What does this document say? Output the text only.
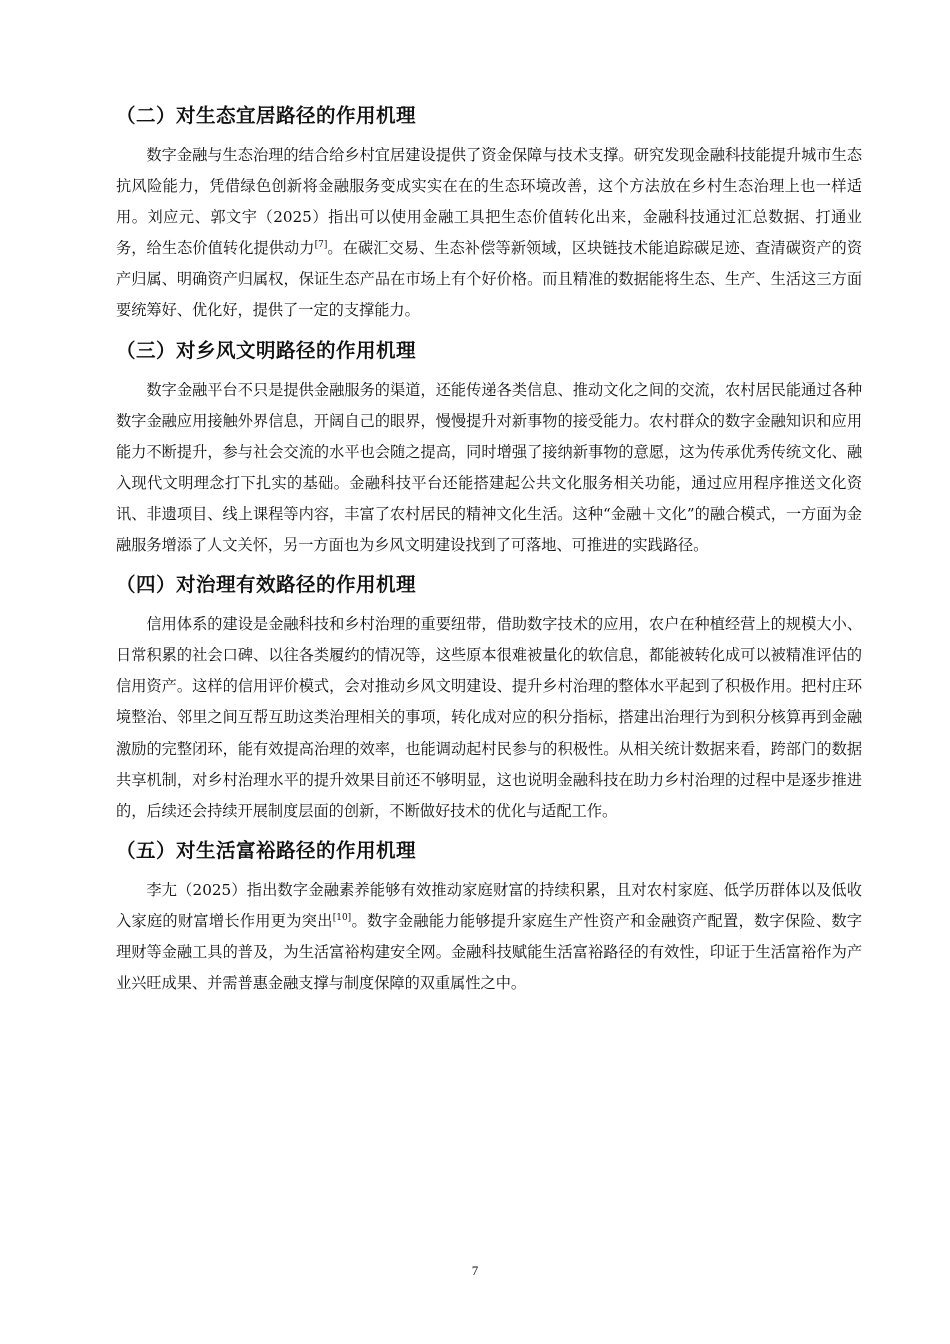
（二）对生态宜居路径的作用机理

数字金融与生态治理的结合给乡村宜居建设提供了资金保障与技术支撑。研究发现金融科技能提升城市生态抗风险能力，凭借绿色创新将金融服务变成实实在在的生态环境改善，这个方法放在乡村生态治理上也一样适用。刘应元、郭文宇（2025）指出可以使用金融工具把生态价值转化出来，金融科技通过汇总数据、打通业务，给生态价值转化提供动力[7]。在碳汇交易、生态补偿等新领域，区块链技术能追踪碳足迹、查清碳资产的资产归属、明确资产归属权，保证生态产品在市场上有个好价格。而且精准的数据能将生态、生产、生活这三方面要统筹好、优化好，提供了一定的支撑能力。

（三）对乡风文明路径的作用机理

数字金融平台不只是提供金融服务的渠道，还能传递各类信息、推动文化之间的交流，农村居民能通过各种数字金融应用接触外界信息，开阔自己的眼界，慢慢提升对新事物的接受能力。农村群众的数字金融知识和应用能力不断提升，参与社会交流的水平也会随之提高，同时增强了接纳新事物的意愿，这为传承优秀传统文化、融入现代文明理念打下扎实的基础。金融科技平台还能搭建起公共文化服务相关功能，通过应用程序推送文化资讯、非遗项目、线上课程等内容，丰富了农村居民的精神文化生活。这种“金融＋文化”的融合模式，一方面为金融服务增添了人文关怀，另一方面也为乡风文明建设找到了可落地、可推进的实践路径。

（四）对治理有效路径的作用机理

信用体系的建设是金融科技和乡村治理的重要纽带，借助数字技术的应用，农户在种植经营上的规模大小、日常积累的社会口碑、以往各类履约的情况等，这些原本很难被量化的软信息，都能被转化成可以被精准评估的信用资产。这样的信用评价模式，会对推动乡风文明建设、提升乡村治理的整体水平起到了积极作用。把村庄环境整治、邻里之间互帮互助这类治理相关的事项，转化成对应的积分指标，搭建出治理行为到积分核算再到金融激励的完整闭环，能有效提高治理的效率，也能调动起村民参与的积极性。从相关统计数据来看，跨部门的数据共享机制，对乡村治理水平的提升效果目前还不够明显，这也说明金融科技在助力乡村治理的过程中是逐步推进的，后续还会持续开展制度层面的创新，不断做好技术的优化与适配工作。

（五）对生活富裕路径的作用机理

李尢（2025）指出数字金融素养能够有效推动家庭财富的持续积累，且对农村家庭、低学历群体以及低收入家庭的财富增长作用更为突出[10]。数字金融能力能够提升家庭生产性资产和金融资产配置，数字保险、数字理财等金融工具的普及，为生活富裕构建安全网。金融科技赋能生活富裕路径的有效性，印证于生活富裕作为产业兴旺成果、并需普惠金融支撑与制度保障的双重属性之中。

7
